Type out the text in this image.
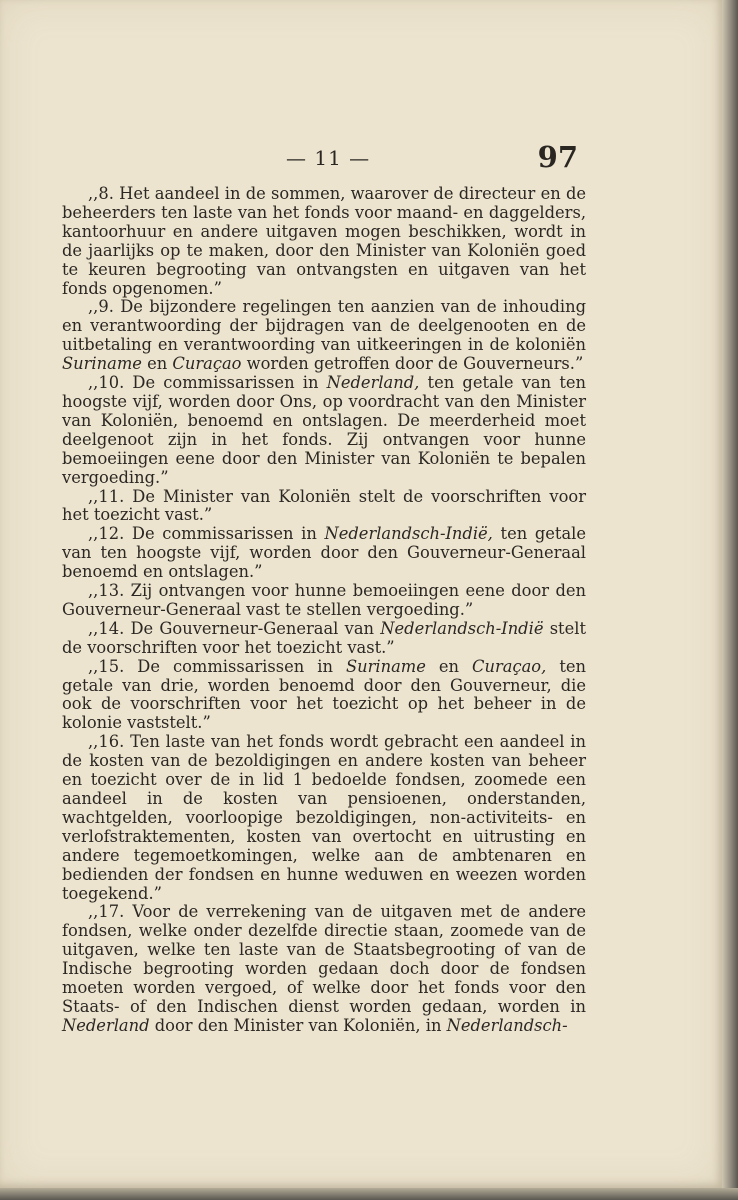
— 11 —	97

,,8. Het aandeel in de sommen, waarover de directeur en de beheerders ten laste van het fonds voor maand- en daggelders, kantoorhuur en andere uitgaven mogen beschikken, wordt in de jaarlijks op te maken, door den Minister van Koloniën goed te keuren begrooting van ontvangsten en uitgaven van het fonds opgenomen.”

,,9. De bijzondere regelingen ten aanzien van de inhouding en verantwoording der bijdragen van de deelgenooten en de uitbetaling en verantwoording van uitkeeringen in de koloniën Suriname en Curaçao worden getroffen door de Gouverneurs.”

,,10. De commissarissen in Nederland, ten getale van ten hoogste vijf, worden door Ons, op voordracht van den Minister van Koloniën, benoemd en ontslagen. De meerderheid moet deelgenoot zijn in het fonds. Zij ontvangen voor hunne bemoeiingen eene door den Minister van Koloniën te bepalen vergoeding.”

,,11. De Minister van Koloniën stelt de voorschriften voor het toezicht vast.”

,,12. De commissarissen in Nederlandsch-Indië, ten getale van ten hoogste vijf, worden door den Gouverneur-Generaal benoemd en ontslagen.”

,,13. Zij ontvangen voor hunne bemoeiingen eene door den Gouverneur-Generaal vast te stellen vergoeding.”

,,14. De Gouverneur-Generaal van Nederlandsch-Indië stelt de voorschriften voor het toezicht vast.”

,,15. De commissarissen in Suriname en Curaçao, ten getale van drie, worden benoemd door den Gouverneur, die ook de voorschriften voor het toezicht op het beheer in de kolonie vaststelt.”

,,16. Ten laste van het fonds wordt gebracht een aandeel in de kosten van de bezoldigingen en andere kosten van beheer en toezicht over de in lid 1 bedoelde fondsen, zoomede een aandeel in de kosten van pensioenen, onderstanden, wachtgelden, voorloopige bezoldigingen, non-activiteits- en verlofstraktementen, kosten van overtocht en uitrusting en andere tegemoetkomingen, welke aan de ambtenaren en bedienden der fondsen en hunne weduwen en weezen worden toegekend.”

,,17. Voor de verrekening van de uitgaven met de andere fondsen, welke onder dezelfde directie staan, zoomede van de uitgaven, welke ten laste van de Staatsbegrooting of van de Indische begrooting worden gedaan doch door de fondsen moeten worden vergoed, of welke door het fonds voor den Staats- of den Indischen dienst worden gedaan, worden in Nederland door den Minister van Koloniën, in Nederlandsch-
